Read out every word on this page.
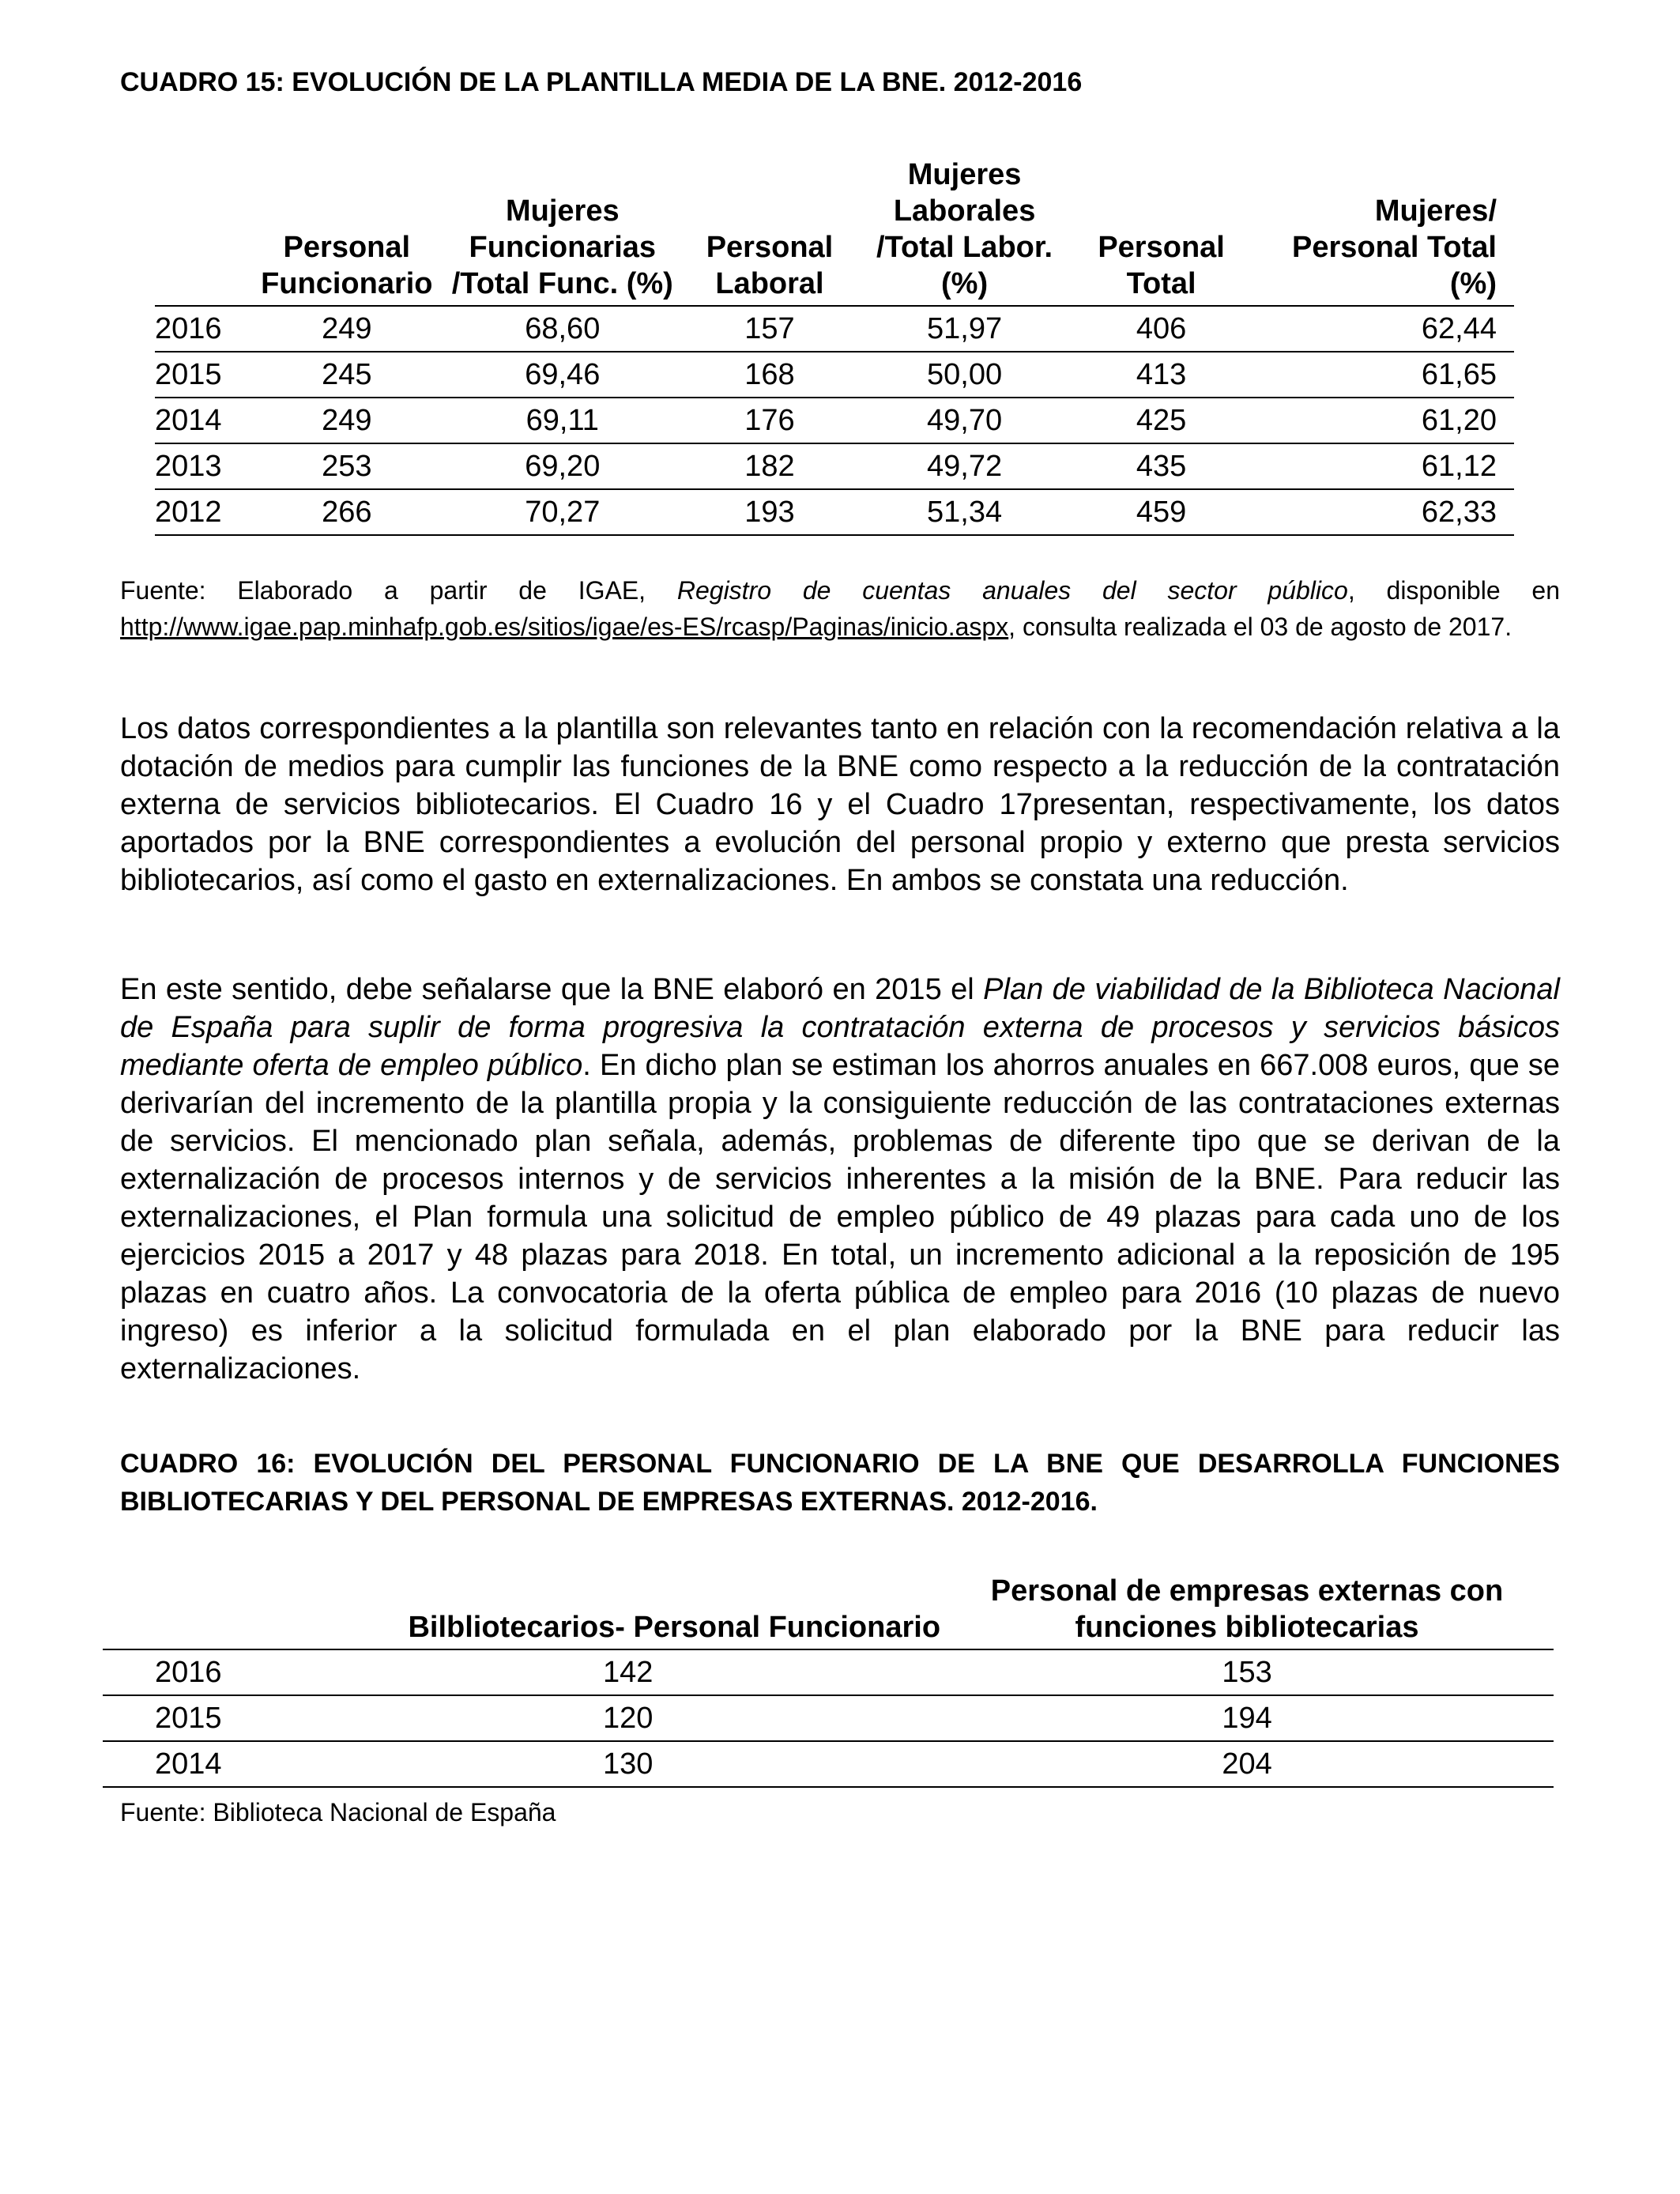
CUADRO 15: EVOLUCIÓN DE LA PLANTILLA MEDIA DE LA BNE. 2012-2016
	Personal Funcionario	Mujeres Funcionarias /Total Func. (%)	Personal Laboral	Mujeres Laborales /Total Labor. (%)	Personal Total	Mujeres/ Personal Total (%)
2016	249	68,60	157	51,97	406	62,44
2015	245	69,46	168	50,00	413	61,65
2014	249	69,11	176	49,70	425	61,20
2013	253	69,20	182	49,72	435	61,12
2012	266	70,27	193	51,34	459	62,33

Fuente: Elaborado a partir de IGAE, Registro de cuentas anuales del sector público, disponible en http://www.igae.pap.minhafp.gob.es/sitios/igae/es-ES/rcasp/Paginas/inicio.aspx, consulta realizada el 03 de agosto de 2017.

Los datos correspondientes a la plantilla son relevantes tanto en relación con la recomendación relativa a la dotación de medios para cumplir las funciones de la BNE como respecto a la reducción de la contratación externa de servicios bibliotecarios. El Cuadro 16 y el Cuadro 17presentan, respectivamente, los datos aportados por la BNE correspondientes a evolución del personal propio y externo que presta servicios bibliotecarios, así como el gasto en externalizaciones. En ambos se constata una reducción.

En este sentido, debe señalarse que la BNE elaboró en 2015 el Plan de viabilidad de la Biblioteca Nacional de España para suplir de forma progresiva la contratación externa de procesos y servicios básicos mediante oferta de empleo público. En dicho plan se estiman los ahorros anuales en 667.008 euros, que se derivarían del incremento de la plantilla propia y la consiguiente reducción de las contrataciones externas de servicios. El mencionado plan señala, además, problemas de diferente tipo que se derivan de la externalización de procesos internos y de servicios inherentes a la misión de la BNE. Para reducir las externalizaciones, el Plan formula una solicitud de empleo público de 49 plazas para cada uno de los ejercicios 2015 a 2017 y 48 plazas para 2018. En total, un incremento adicional a la reposición de 195 plazas en cuatro años. La convocatoria de la oferta pública de empleo para 2016 (10 plazas de nuevo ingreso) es inferior a la solicitud formulada en el plan elaborado por la BNE para reducir las externalizaciones.

CUADRO 16: EVOLUCIÓN DEL PERSONAL FUNCIONARIO DE LA BNE QUE DESARROLLA FUNCIONES BIBLIOTECARIAS Y DEL PERSONAL DE EMPRESAS EXTERNAS. 2012-2016.
	Bilbliotecarios- Personal Funcionario	Personal de empresas externas con funciones bibliotecarias
2016	142	153
2015	120	194
2014	130	204

Fuente: Biblioteca Nacional de España
